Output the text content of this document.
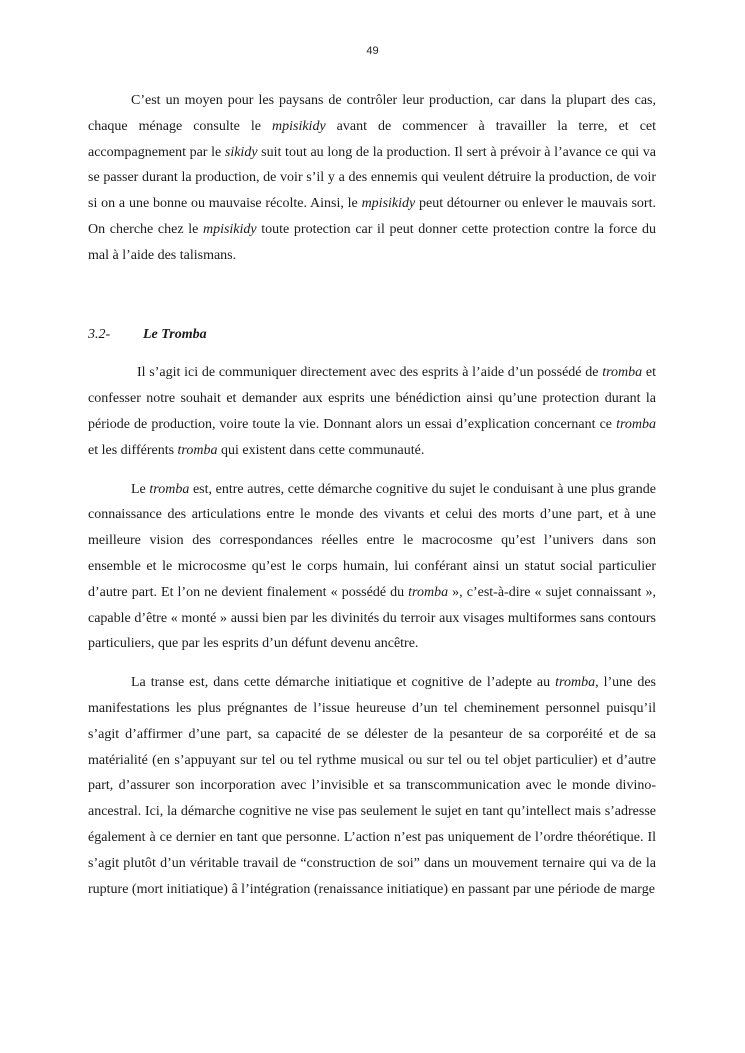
49

C’est un moyen pour les paysans de contrôler leur production, car dans la plupart des cas, chaque ménage consulte le mpisikidy avant de commencer à travailler la terre, et cet accompagnement par le sikidy suit tout au long de la production. Il sert à prévoir à l’avance ce qui va se passer durant la production, de voir s’il y a des ennemis qui veulent détruire la production, de voir si on a une bonne ou mauvaise récolte. Ainsi, le mpisikidy peut détourner ou enlever le mauvais sort. On cherche chez le mpisikidy toute protection car il peut donner cette protection contre la force du mal à l’aide des talismans.

3.2-	Le Tromba

Il s’agit ici de communiquer directement avec des esprits à l’aide d’un possédé de tromba et confesser notre souhait et demander aux esprits une bénédiction ainsi qu’une protection durant la période de production, voire toute la vie. Donnant alors un essai d’explication concernant ce tromba et les différents tromba qui existent dans cette communauté.

Le tromba est, entre autres, cette démarche cognitive du sujet le conduisant à une plus grande connaissance des articulations entre le monde des vivants et celui des morts d’une part, et à une meilleure vision des correspondances réelles entre le macrocosme qu’est l’univers dans son ensemble et le microcosme qu’est le corps humain, lui conférant ainsi un statut social particulier d’autre part. Et l’on ne devient finalement « possédé du tromba », c’est-à-dire « sujet connaissant », capable d’être « monté » aussi bien par les divinités du terroir aux visages multiformes sans contours particuliers, que par les esprits d’un défunt devenu ancêtre.

La transe est, dans cette démarche initiatique et cognitive de l’adepte au tromba, l’une des manifestations les plus prégnantes de l’issue heureuse d’un tel cheminement personnel puisqu’il s’agit d’affirmer d’une part, sa capacité de se délester de la pesanteur de sa corporéité et de sa matérialité (en s’appuyant sur tel ou tel rythme musical ou sur tel ou tel objet particulier) et d’autre part, d’assurer son incorporation avec l’invisible et sa transcommunication avec le monde divino-ancestral. Ici, la démarche cognitive ne vise pas seulement le sujet en tant qu’intellect mais s’adresse également à ce dernier en tant que personne. L’action n’est pas uniquement de l’ordre théorétique. Il s’agit plutôt d’un véritable travail de “construction de soi” dans un mouvement ternaire qui va de la rupture (mort initiatique) â l’intégration (renaissance initiatique) en passant par une période de marge
